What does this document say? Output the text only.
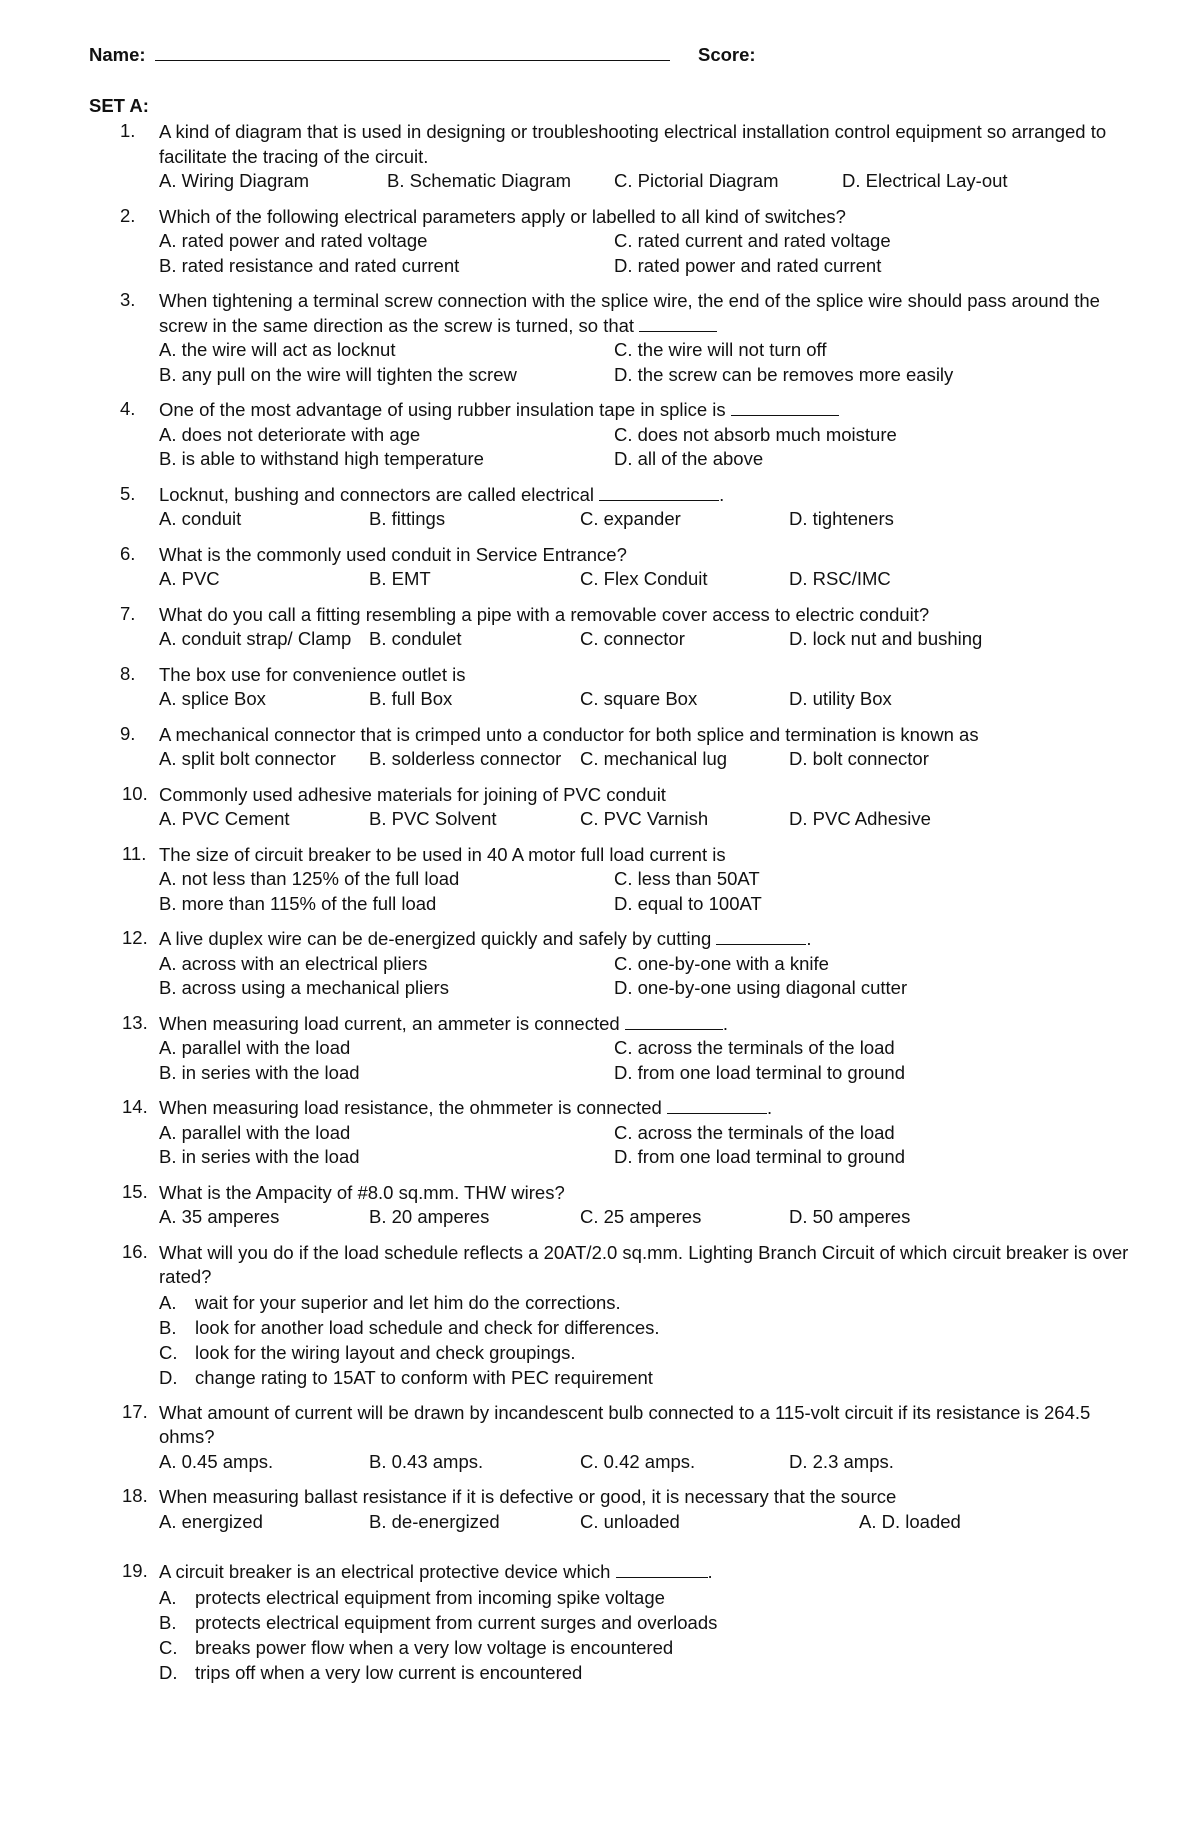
Name:	Score:
SET A:
1.	A kind of diagram that is used in designing or troubleshooting electrical installation control equipment so arranged to facilitate the tracing of the circuit.
A. Wiring Diagram	B. Schematic Diagram C. Pictorial Diagram	D. Electrical Lay-out
2.	Which of the following electrical parameters apply or labelled to all kind of switches?
A. rated power and rated voltage	C. rated current and rated voltage
B. rated resistance and rated current	D. rated power and rated current
3.	When tightening a terminal screw connection with the splice wire, the end of the splice wire should pass around the screw in the same direction as the screw is turned, so that
A. the wire will act as locknut	C. the wire will not turn off
B. any pull on the wire will tighten the screw	D. the screw can be removes more easily
4.	One of the most advantage of using rubber insulation tape in splice is
A. does not deteriorate with age	C. does not absorb much moisture
B. is able to withstand high temperature	D. all of the above
5.	Locknut, bushing and connectors are called electrical	.
A. conduit	B. fittings	C. expander	D. tighteners
6.	What is the commonly used conduit in Service Entrance?
A. PVC	B. EMT	C. Flex Conduit	D. RSC/IMC
7.	What do you call a fitting resembling a pipe with a removable cover access to electric conduit?
A. conduit strap/ Clamp B. condulet	C. connector	D. lock nut and bushing
8.	The box use for convenience outlet is
A. splice Box	B. full Box	C. square Box	D. utility Box
9.	A mechanical connector that is crimped unto a conductor for both splice and termination is known as
A. split bolt connector B. solderless connector C. mechanical lug	D. bolt connector
10. Commonly used adhesive materials for joining of PVC conduit
A. PVC Cement	B. PVC Solvent	C. PVC Varnish	D. PVC Adhesive
11. The size of circuit breaker to be used in 40 A motor full load current is
A. not less than 125% of the full load	C. less than 50AT
B. more than 115% of the full load	D. equal to 100AT
12. A live duplex wire can be de-energized quickly and safely by cutting	.
A. across with an electrical pliers	C. one-by-one with a knife
B. across using a mechanical pliers	D. one-by-one using diagonal cutter
13. When measuring load current, an ammeter is connected	.
A. parallel with the load	C. across the terminals of the load
B. in series with the load	D. from one load terminal to ground
14. When measuring load resistance, the ohmmeter is connected	.
A. parallel with the load	C. across the terminals of the load
B. in series with the load	D. from one load terminal to ground
15. What is the Ampacity of #8.0 sq.mm. THW wires?
A. 35 amperes	B. 20 amperes	C. 25 amperes	D. 50 amperes
16. What will you do if the load schedule reflects a 20AT/2.0 sq.mm. Lighting Branch Circuit of which circuit breaker is over rated?
A. wait for your superior and let him do the corrections.
B. look for another load schedule and check for differences.
C. look for the wiring layout and check groupings.
D. change rating to 15AT to conform with PEC requirement
17. What amount of current will be drawn by incandescent bulb connected to a 115-volt circuit if its resistance is 264.5 ohms?
A. 0.45 amps.	B. 0.43 amps.	C. 0.42 amps.	D. 2.3 amps.
18. When measuring ballast resistance if it is defective or good, it is necessary that the source
A. energized	B. de-energized	C. unloaded	A. D. loaded
19. A circuit breaker is an electrical protective device which	.
A. protects electrical equipment from incoming spike voltage
B. protects electrical equipment from current surges and overloads
C. breaks power flow when a very low voltage is encountered
D. trips off when a very low current is encountered
